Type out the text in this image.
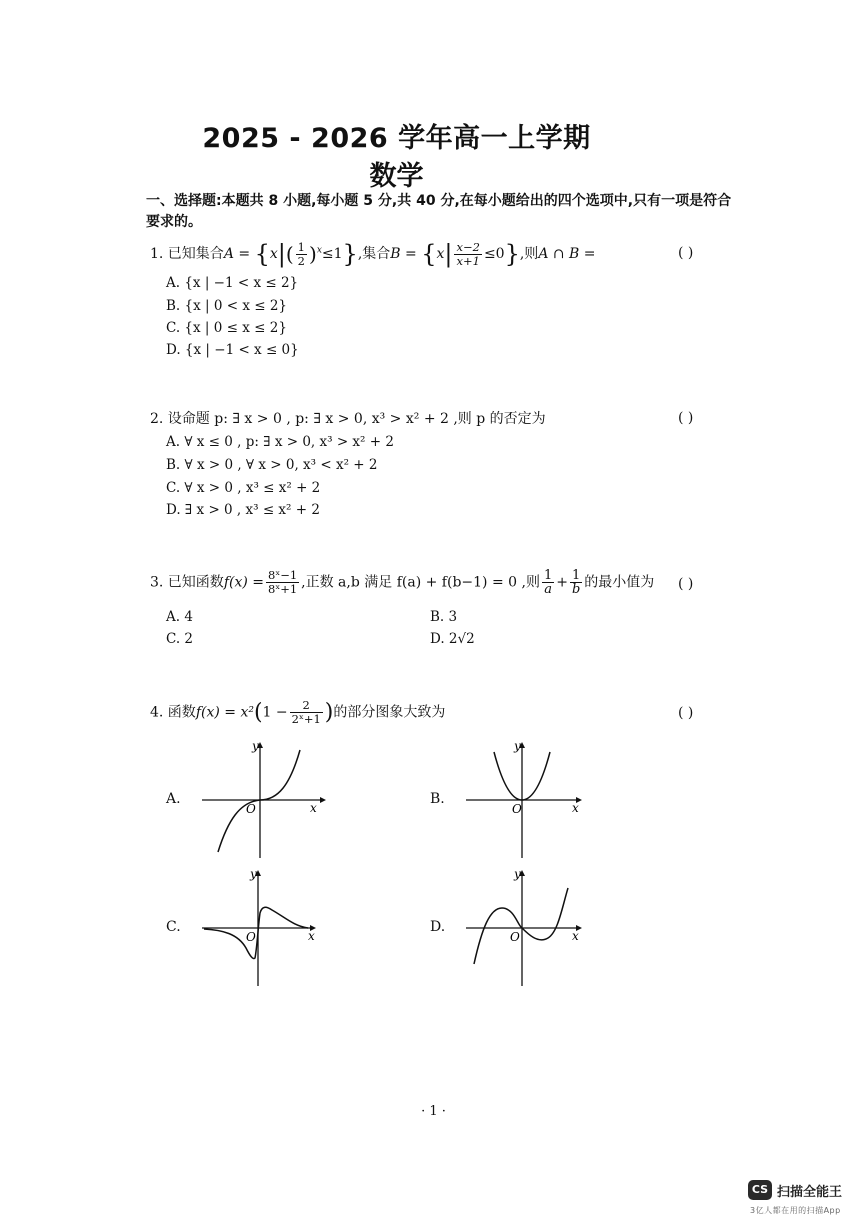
2025 - 2026 学年高一上学期
数学
一、选择题:本题共 8 小题,每小题 5 分,共 40 分,在每小题给出的四个选项中,只有一项是符合要求的。
1. 已知集合$A = \{x|( \frac{1}{2} )^x\le 1\}$,集合$B = \{x| \frac{x-2}{x+1} \le 0\}$,则A ∩ B =	( )
A. {x | −1 < x ≤ 2}
B. {x | 0 < x ≤ 2}
C. {x | 0 ≤ x ≤ 2}
D. {x | −1 < x ≤ 0}
2. 设命题 p: ∃ x > 0 , p: ∃ x > 0, x³ > x² + 2 ,则 p 的否定为	( )
A. ∀ x ≤ 0 , p: ∃ x > 0, x³ > x² + 2
B. ∀ x > 0 , ∀ x > 0, x³ < x² + 2
C. ∀ x > 0 , x³ ≤ x² + 2
D. ∃ x > 0 , x³ ≤ x² + 2
3. 已知函数$f(x) = \frac{\text{8ˣ−1}}{\text{8ˣ+1}}$ ,正数 a,b 满足 f(a) + f(b−1) = 0 ,则 $\frac{1}{a} + \frac{1}{b}$ 的最小值为 ( )
A. 4	B. 3
C. 2	D. 2√2
4. 函数$f(x) = x^2(1 - \frac{2}{\text{2ˣ+1}}$ )的部分图象大致为	( )
A.
y
x
O
B.
y
x
O
C.
y
x
O
D.
y
x
O
· 1 ·
CS 扫描全能王
3亿人都在用的扫描App
